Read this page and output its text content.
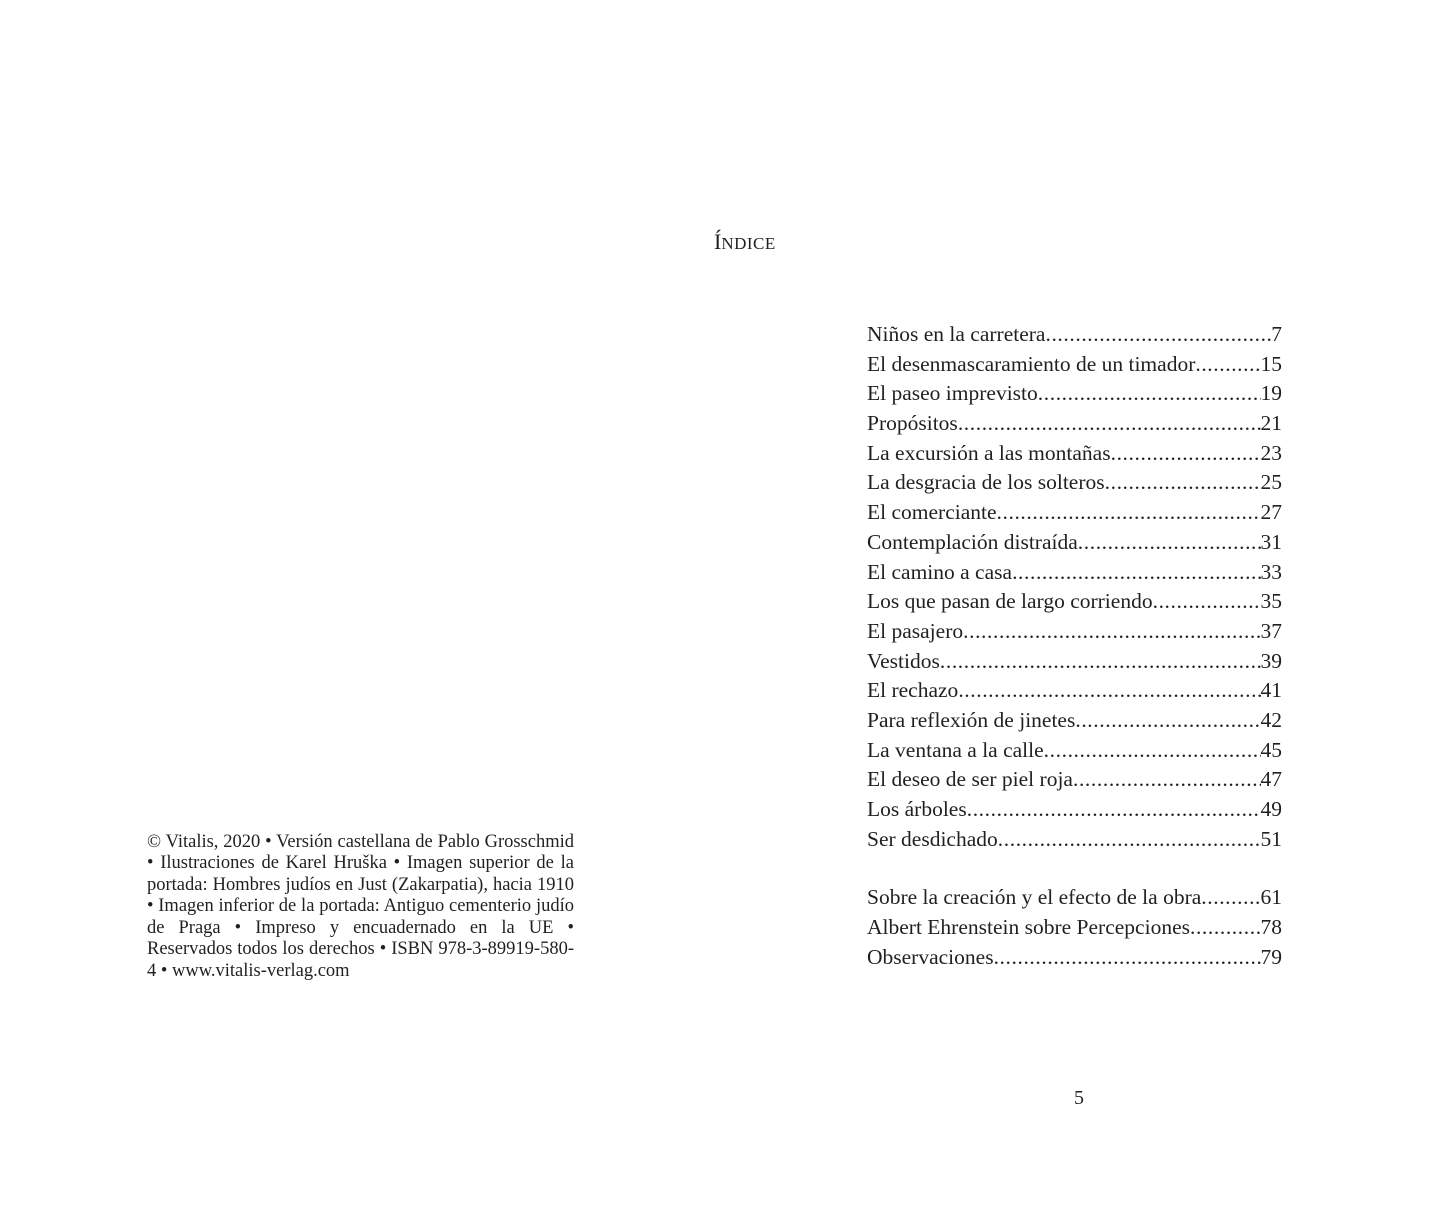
© Vitalis, 2020 • Versión castellana de Pablo Grosschmid • Ilustraciones de Karel Hruška • Imagen superior de la portada: Hombres judíos en Just (Zakarpatia), hacia 1910 • Imagen inferior de la portada: Antiguo cementerio judío de Praga • Impreso y encuadernado en la UE • Reservados todos los derechos • ISBN 978-3-89919-580-4 • www.vitalis-verlag.com

ÍNDICE
Niños en la carretera .....	7
El desenmascaramiento de un timador .....	15
El paseo imprevisto .....	19
Propósitos .....	21
La excursión a las montañas .....	23
La desgracia de los solteros .....	25
El comerciante .....	27
Contemplación distraída .....	31
El camino a casa .....	33
Los que pasan de largo corriendo .....	35
El pasajero .....	37
Vestidos .....	39
El rechazo .....	41
Para reflexión de jinetes .....	42
La ventana a la calle .....	45
El deseo de ser piel roja .....	47
Los árboles .....	49
Ser desdichado .....	51
Sobre la creación y el efecto de la obra .....	61
Albert Ehrenstein sobre Percepciones .....	78
Observaciones .....	79
5
